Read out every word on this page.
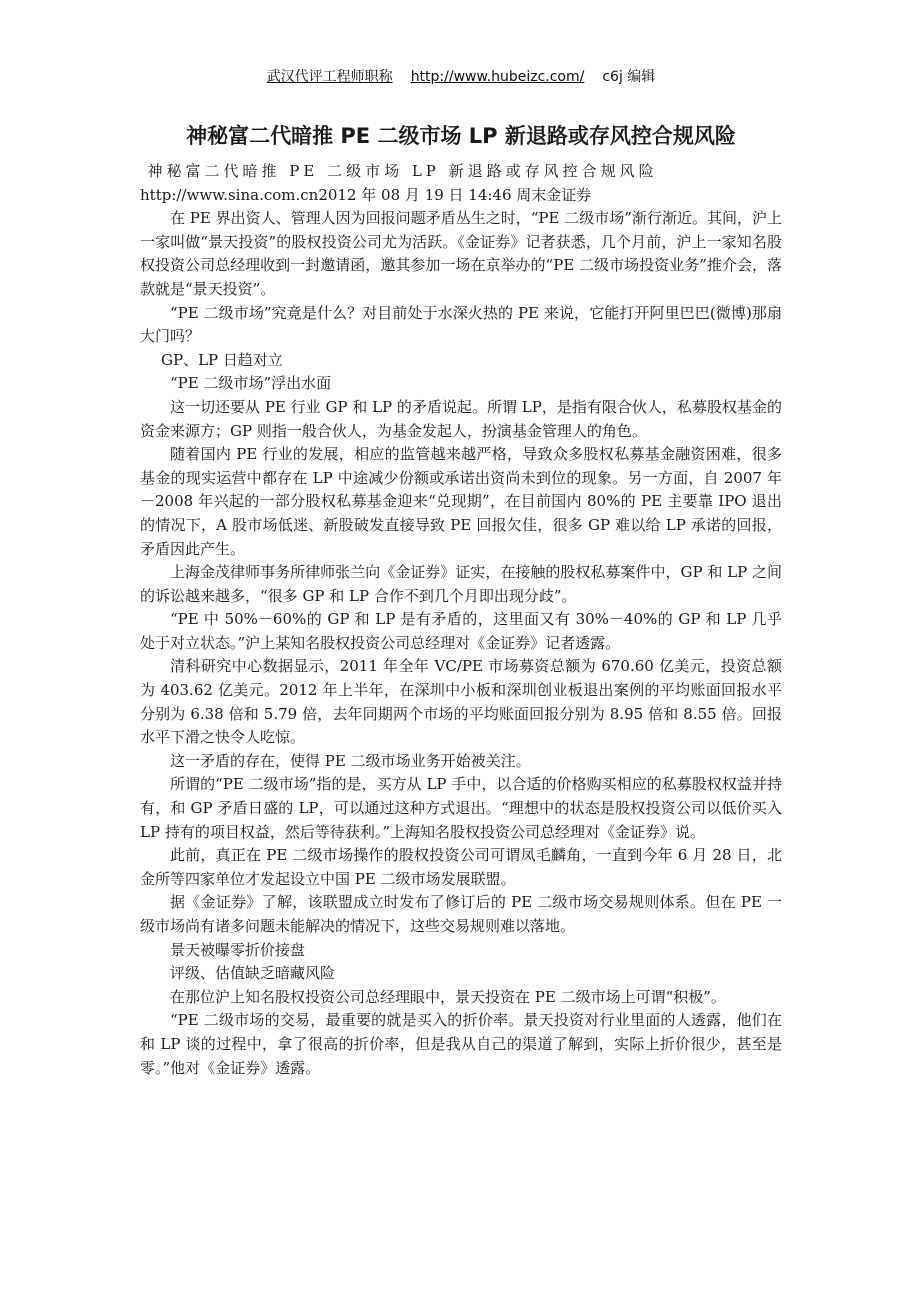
武汉代评工程师职称 http://www.hubeizc.com/ c6j 编辑
神秘富二代暗推 PE 二级市场 LP 新退路或存风控合规风险

神秘富二代暗推 PE 二级市场 LP 新退路或存风控合规风险

http://www.sina.com.cn2012 年 08 月 19 日 14:46 周末金证券

在 PE 界出资人、管理人因为回报问题矛盾丛生之时，“PE 二级市场”渐行渐近。其间，沪上一家叫做“景天投资”的股权投资公司尤为活跃。《金证券》记者获悉，几个月前，沪上一家知名股权投资公司总经理收到一封邀请函，邀其参加一场在京举办的“PE 二级市场投资业务”推介会，落款就是“景天投资”。

“PE 二级市场”究竟是什么？对目前处于水深火热的 PE 来说，它能打开阿里巴巴(微博)那扇大门吗？

GP、LP 日趋对立

“PE 二级市场”浮出水面

这一切还要从 PE 行业 GP 和 LP 的矛盾说起。所谓 LP，是指有限合伙人，私募股权基金的资金来源方；GP 则指一般合伙人，为基金发起人，扮演基金管理人的角色。

随着国内 PE 行业的发展，相应的监管越来越严格，导致众多股权私募基金融资困难，很多基金的现实运营中都存在 LP 中途减少份额或承诺出资尚未到位的现象。另一方面，自 2007 年－2008 年兴起的一部分股权私募基金迎来“兑现期”，在目前国内 80%的 PE 主要靠 IPO 退出的情况下，A 股市场低迷、新股破发直接导致 PE 回报欠佳，很多 GP 难以给 LP 承诺的回报，矛盾因此产生。

上海金茂律师事务所律师张兰向《金证券》证实，在接触的股权私募案件中，GP 和 LP 之间的诉讼越来越多，“很多 GP 和 LP 合作不到几个月即出现分歧”。

“PE 中 50%－60%的 GP 和 LP 是有矛盾的，这里面又有 30%－40%的 GP 和 LP 几乎处于对立状态。”沪上某知名股权投资公司总经理对《金证券》记者透露。

清科研究中心数据显示，2011 年全年 VC/PE 市场募资总额为 670.60 亿美元，投资总额为 403.62 亿美元。2012 年上半年，在深圳中小板和深圳创业板退出案例的平均账面回报水平分别为 6.38 倍和 5.79 倍，去年同期两个市场的平均账面回报分别为 8.95 倍和 8.55 倍。回报水平下滑之快令人吃惊。

这一矛盾的存在，使得 PE 二级市场业务开始被关注。

所谓的“PE 二级市场”指的是，买方从 LP 手中，以合适的价格购买相应的私募股权权益并持有，和 GP 矛盾日盛的 LP，可以通过这种方式退出。“理想中的状态是股权投资公司以低价买入 LP 持有的项目权益，然后等待获利。”上海知名股权投资公司总经理对《金证券》说。

此前，真正在 PE 二级市场操作的股权投资公司可谓凤毛麟角，一直到今年 6 月 28 日，北金所等四家单位才发起设立中国 PE 二级市场发展联盟。

据《金证券》了解，该联盟成立时发布了修订后的 PE 二级市场交易规则体系。但在 PE 一级市场尚有诸多问题未能解决的情况下，这些交易规则难以落地。

景天被曝零折价接盘

评级、估值缺乏暗藏风险

在那位沪上知名股权投资公司总经理眼中，景天投资在 PE 二级市场上可谓“积极”。

“PE 二级市场的交易，最重要的就是买入的折价率。景天投资对行业里面的人透露，他们在和 LP 谈的过程中，拿了很高的折价率，但是我从自己的渠道了解到，实际上折价很少，甚至是零。”他对《金证券》透露。
